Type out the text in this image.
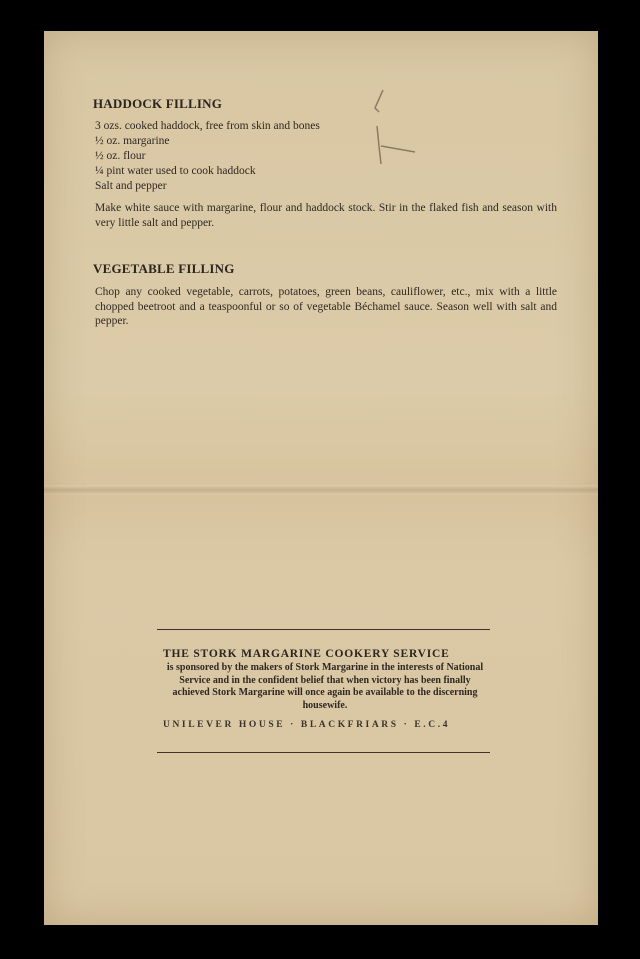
HADDOCK FILLING
3 ozs. cooked haddock, free from skin and bones
½ oz. margarine
½ oz. flour
¼ pint water used to cook haddock
Salt and pepper
Make white sauce with margarine, flour and haddock stock. Stir in the flaked fish and season with very little salt and pepper.
VEGETABLE FILLING
Chop any cooked vegetable, carrots, potatoes, green beans, cauliflower, etc., mix with a little chopped beetroot and a teaspoonful or so of vegetable Béchamel sauce. Season well with salt and pepper.
THE STORK MARGARINE COOKERY SERVICE
is sponsored by the makers of Stork Margarine in the interests of National Service and in the confident belief that when victory has been finally achieved Stork Margarine will once again be available to the discerning housewife.
UNILEVER HOUSE · BLACKFRIARS · E.C.4
